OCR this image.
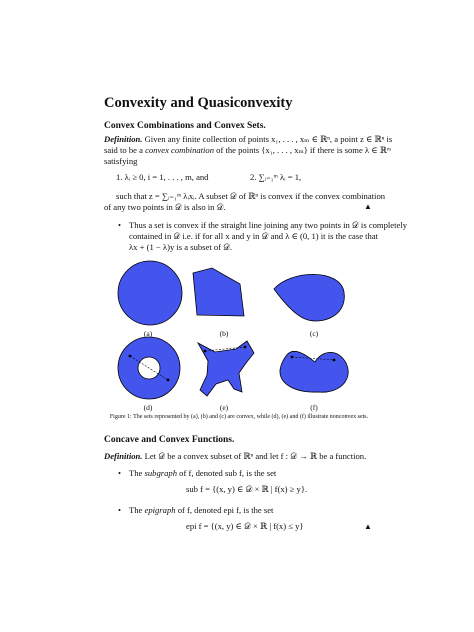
Convexity and Quasiconvexity
Convex Combinations and Convex Sets.
Definition. Given any finite collection of points x₁, . . . , xₘ ∈ ℝⁿ, a point z ∈ ℝⁿ is
said to be a convex combination of the points {x₁, . . . , xₘ} if there is some λ ∈ ℝᵐ
satisfying
1. λᵢ ≥ 0, i = 1, . . . , m, and	2. ∑ᵢ₌₁ᵐ λᵢ = 1,
such that z = ∑ᵢ₌₁ᵐ λᵢxᵢ. A subset 𝒟 of ℝⁿ is convex if the convex combination
of any two points in 𝒟 is also in 𝒟.	▲
• Thus a set is convex if the straight line joining any two points in 𝒟 is completely
contained in 𝒟 i.e. if for all x and y in 𝒟 and λ ∈ (0, 1) it is the case that
λx + (1 − λ)y is a subset of 𝒟.
(a)	(b)	(c)
(d)	(e)	(f)
Figure 1: The sets represented by (a), (b) and (c) are convex, while (d), (e) and (f) illustrate nonconvex sets.
Concave and Convex Functions.
Definition. Let 𝒟 be a convex subset of ℝⁿ and let f : 𝒟 → ℝ be a function.
• The subgraph of f, denoted sub f, is the set
sub f = {(x, y) ∈ 𝒟 × ℝ | f(x) ≥ y}.
• The epigraph of f, denoted epi f, is the set
epi f = {(x, y) ∈ 𝒟 × ℝ | f(x) ≤ y}	▲
